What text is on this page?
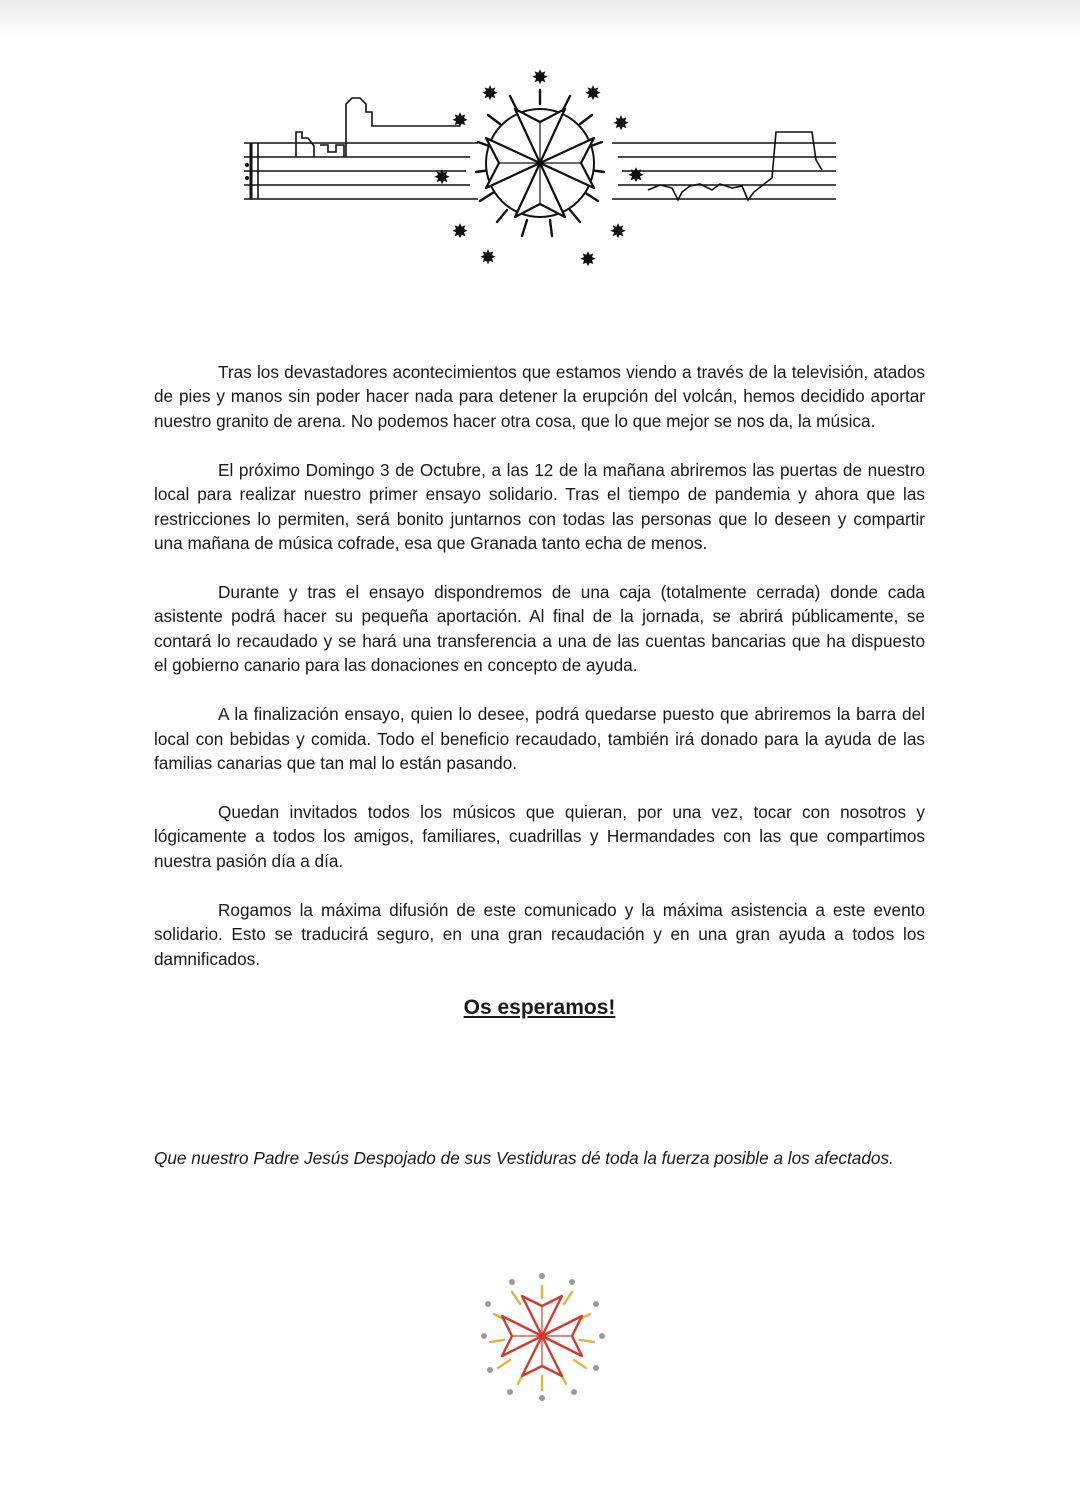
✸
✸	✸
✸
✸
✸	✸
✸	✸
✸	✸

Tras los devastadores acontecimientos que estamos viendo a través de la televisión, atados de pies y manos sin poder hacer nada para detener la erupción del volcán, hemos decidido aportar nuestro granito de arena. No podemos hacer otra cosa, que lo que mejor se nos da, la música.

El próximo Domingo 3 de Octubre, a las 12 de la mañana abriremos las puertas de nuestro local para realizar nuestro primer ensayo solidario. Tras el tiempo de pandemia y ahora que las restricciones lo permiten, será bonito juntarnos con todas las personas que lo deseen y compartir una mañana de música cofrade, esa que Granada tanto echa de menos.

Durante y tras el ensayo dispondremos de una caja (totalmente cerrada) donde cada asistente podrá hacer su pequeña aportación. Al final de la jornada, se abrirá públicamente, se contará lo recaudado y se hará una transferencia a una de las cuentas bancarias que ha dispuesto el gobierno canario para las donaciones en concepto de ayuda.

A la finalización ensayo, quien lo desee, podrá quedarse puesto que abriremos la barra del local con bebidas y comida. Todo el beneficio recaudado, también irá donado para la ayuda de las familias canarias que tan mal lo están pasando.

Quedan invitados todos los músicos que quieran, por una vez, tocar con nosotros y lógicamente a todos los amigos, familiares, cuadrillas y Hermandades con las que compartimos nuestra pasión día a día.

Rogamos la máxima difusión de este comunicado y la máxima asistencia a este evento solidario. Esto se traducirá seguro, en una gran recaudación y en una gran ayuda a todos los damnificados.

Os esperamos!

Que nuestro Padre Jesús Despojado de sus Vestiduras dé toda la fuerza posible a los afectados.
